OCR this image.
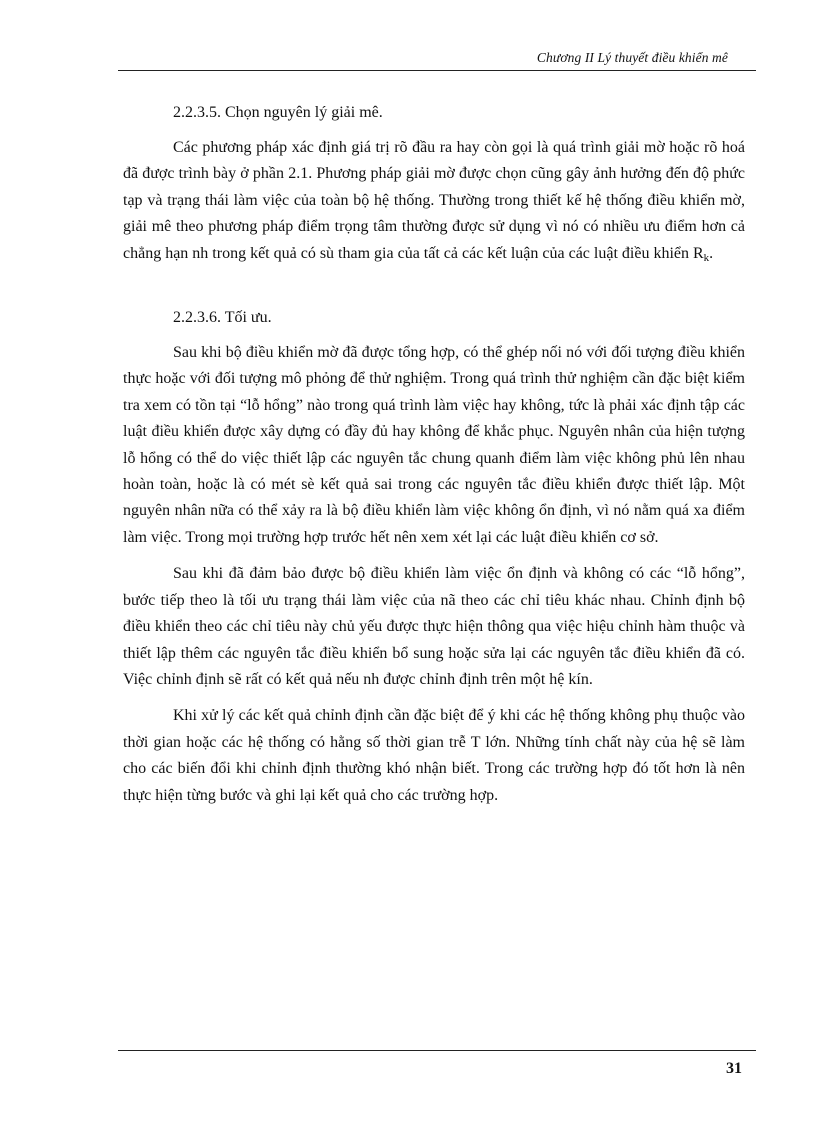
Chương II Lý thuyết điều khiển mê

2.2.3.5. Chọn nguyên lý giải mê.

Các phương pháp xác định giá trị rõ đầu ra hay còn gọi là quá trình giải mờ hoặc rõ hoá đã được trình bày ở phần 2.1. Phương pháp giải mờ được chọn cũng gây ảnh hưởng đến độ phức tạp và trạng thái làm việc của toàn bộ hệ thống. Thường trong thiết kế hệ thống điều khiển mờ, giải mê theo phương pháp điểm trọng tâm thường được sử dụng vì nó có nhiều ưu điểm hơn cả chẳng hạn nh trong kết quả có sù tham gia của tất cả các kết luận của các luật điều khiển $R_k$.

2.2.3.6. Tối ưu.

Sau khi bộ điều khiển mờ đã được tổng hợp, có thể ghép nối nó với đối tượng điều khiển thực hoặc với đối tượng mô phỏng để thử nghiệm. Trong quá trình thử nghiệm cần đặc biệt kiểm tra xem có tồn tại “lỗ hổng” nào trong quá trình làm việc hay không, tức là phải xác định tập các luật điều khiển được xây dựng có đầy đủ hay không để khắc phục. Nguyên nhân của hiện tượng lỗ hổng có thể do việc thiết lập các nguyên tắc chung quanh điểm làm việc không phủ lên nhau hoàn toàn, hoặc là có mét sè kết quả sai trong các nguyên tắc điều khiển được thiết lập. Một nguyên nhân nữa có thể xảy ra là bộ điều khiển làm việc không ổn định, vì nó nằm quá xa điểm làm việc. Trong mọi trường hợp trước hết nên xem xét lại các luật điều khiển cơ sở.

Sau khi đã đảm bảo được bộ điều khiển làm việc ổn định và không có các “lỗ hổng”, bước tiếp theo là tối ưu trạng thái làm việc của nã theo các chỉ tiêu khác nhau. Chỉnh định bộ điều khiển theo các chỉ tiêu này chủ yếu được thực hiện thông qua việc hiệu chỉnh hàm thuộc và thiết lập thêm các nguyên tắc điều khiển bổ sung hoặc sửa lại các nguyên tắc điều khiển đã có. Việc chỉnh định sẽ rất có kết quả nếu nh được chỉnh định trên một hệ kín.

Khi xử lý các kết quả chỉnh định cần đặc biệt để ý khi các hệ thống không phụ thuộc vào thời gian hoặc các hệ thống có hằng số thời gian trễ T lớn. Những tính chất này của hệ sẽ làm cho các biến đổi khi chỉnh định thường khó nhận biết. Trong các trường hợp đó tốt hơn là nên thực hiện từng bước và ghi lại kết quả cho các trường hợp.

31
